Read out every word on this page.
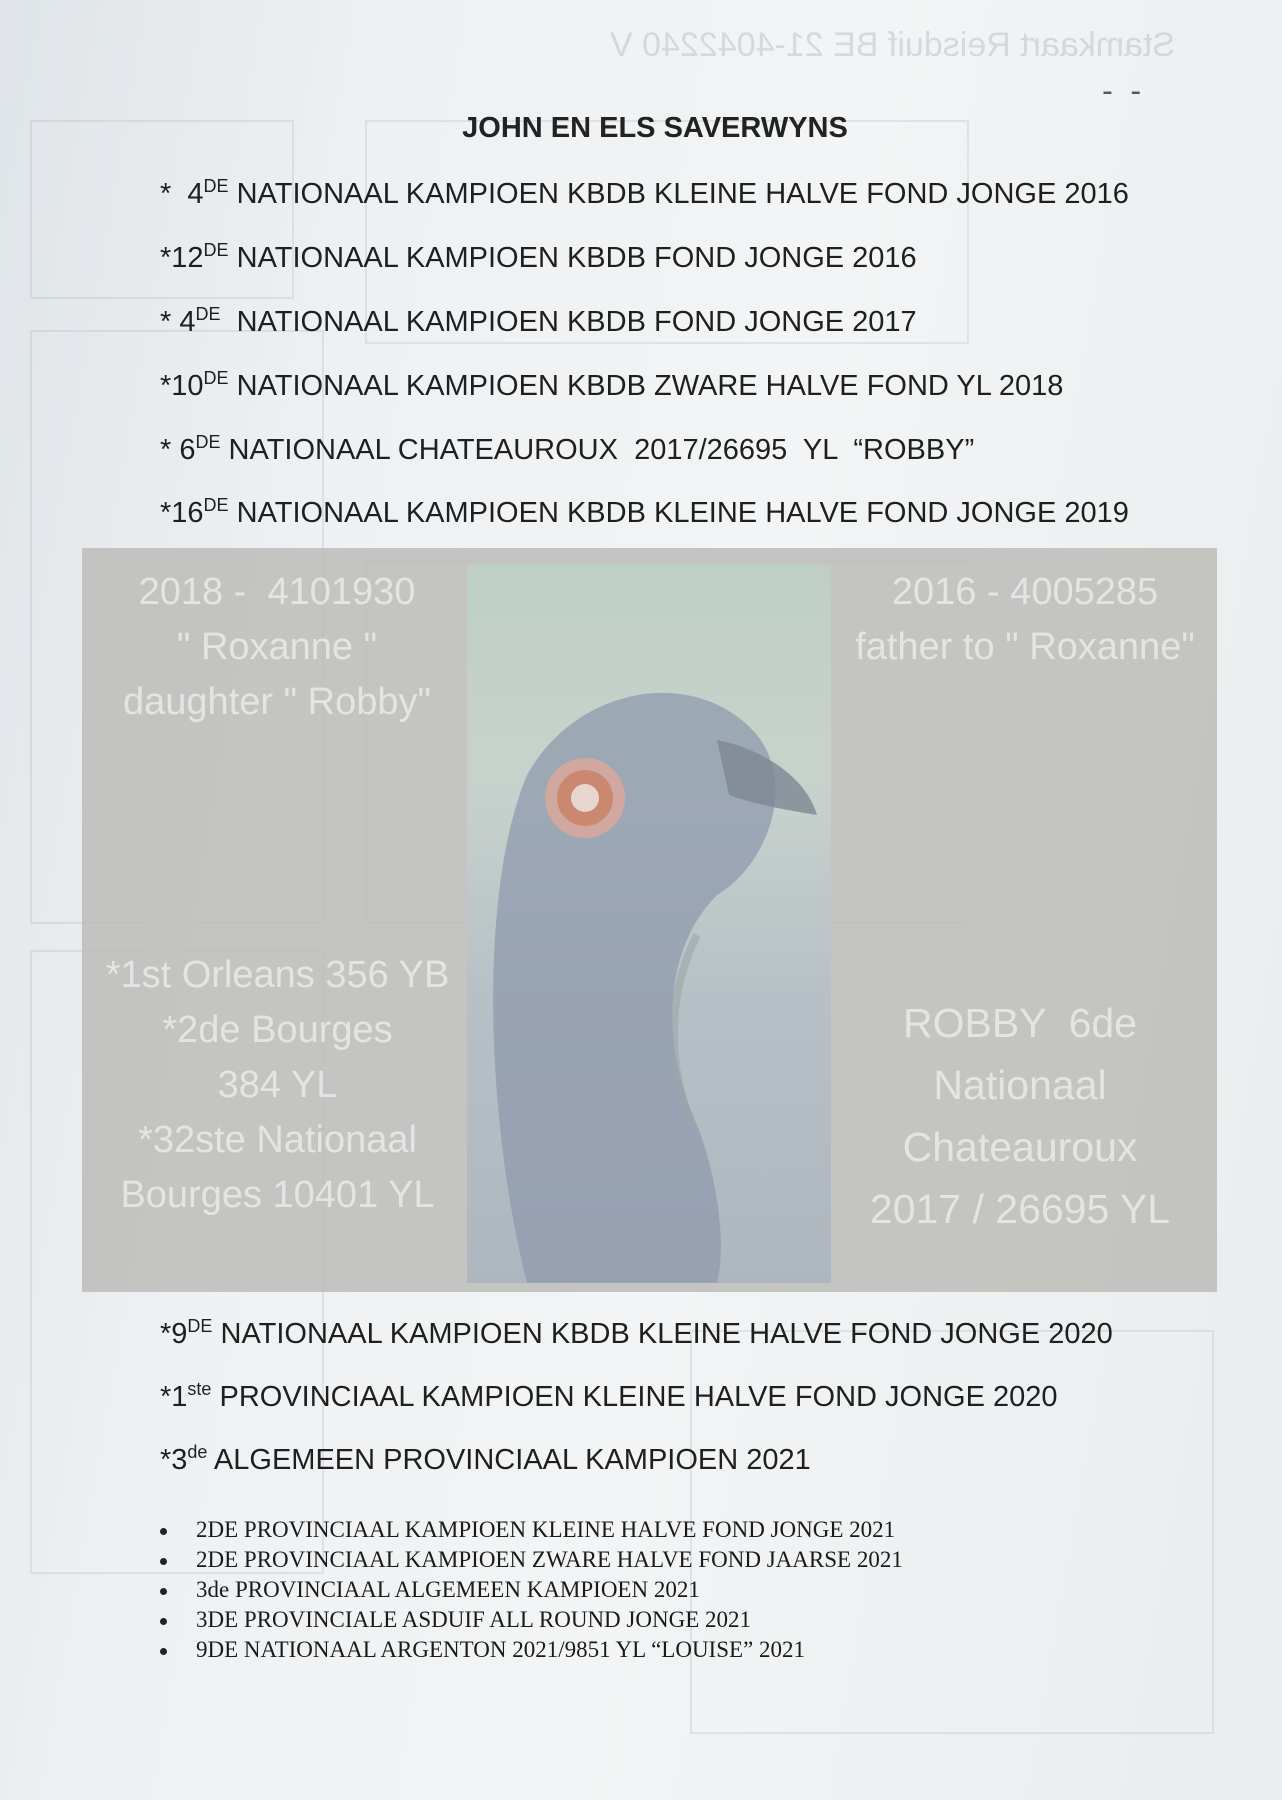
Stamkaart Reisduif BE 21-4042240 V
- -
JOHN EN ELS SAVERWYNS
*  4DE NATIONAAL KAMPIOEN KBDB KLEINE HALVE FOND JONGE 2016
*12DE NATIONAAL KAMPIOEN KBDB FOND JONGE 2016
* 4DE  NATIONAAL KAMPIOEN KBDB FOND JONGE 2017
*10DE NATIONAAL KAMPIOEN KBDB ZWARE HALVE FOND YL 2018
* 6DE NATIONAAL CHATEAUROUX  2017/26695  YL  “ROBBY”
*16DE NATIONAAL KAMPIOEN KBDB KLEINE HALVE FOND JONGE 2019
2018 -  4101930
" Roxanne "
daughter " Robby"
2016 - 4005285
father to " Roxanne"
*1st Orleans 356 YB
*2de Bourges
384 YL
*32ste Nationaal
Bourges 10401 YL
ROBBY  6de
Nationaal
Chateauroux
2017 / 26695 YL
*9DE NATIONAAL KAMPIOEN KBDB KLEINE HALVE FOND JONGE 2020
*1ste PROVINCIAAL KAMPIOEN KLEINE HALVE FOND JONGE 2020
*3de ALGEMEEN PROVINCIAAL KAMPIOEN 2021
2DE PROVINCIAAL KAMPIOEN KLEINE HALVE FOND JONGE 2021
2DE PROVINCIAAL KAMPIOEN ZWARE HALVE FOND JAARSE 2021
3de PROVINCIAAL ALGEMEEN KAMPIOEN 2021
3DE PROVINCIALE ASDUIF ALL ROUND JONGE 2021
9DE NATIONAAL ARGENTON 2021/9851 YL “LOUISE” 2021
